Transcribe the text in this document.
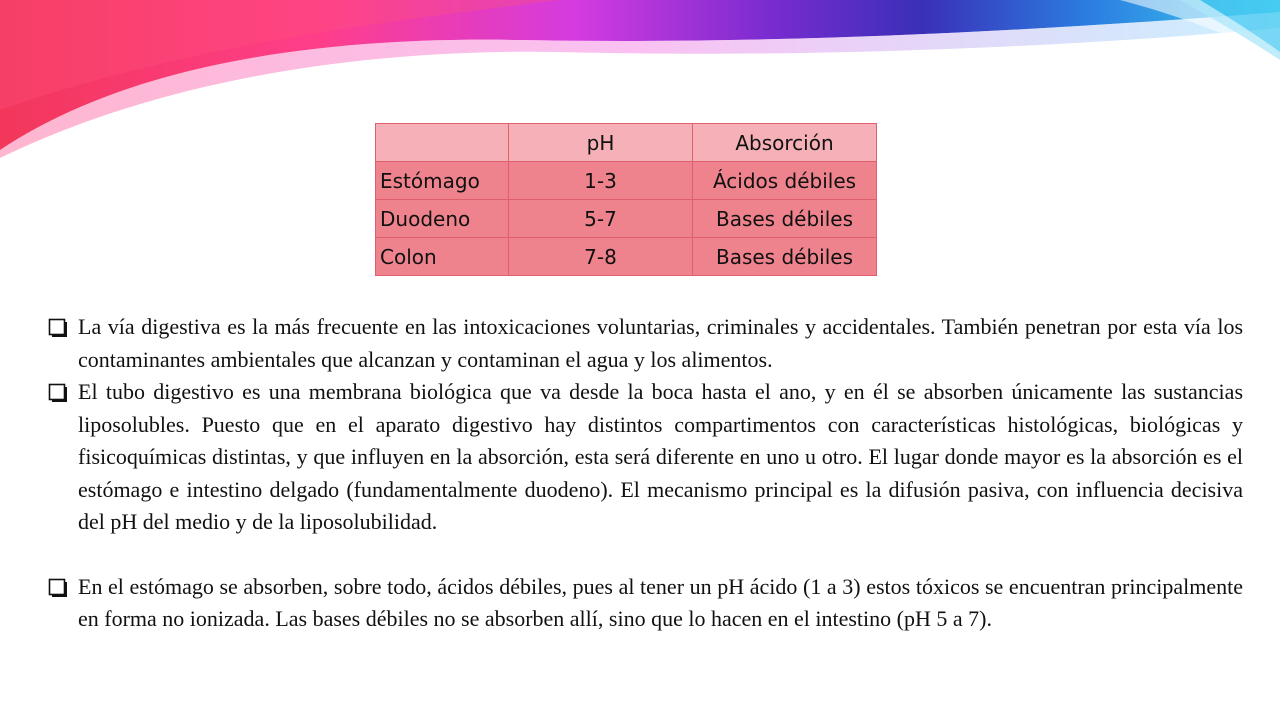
	pH	Absorción
Estómago	1-3	Ácidos débiles
Duodeno	5-7	Bases débiles
Colon	7-8	Bases débiles
La vía digestiva es la más frecuente en las intoxicaciones voluntarias, criminales y accidentales. También penetran por esta vía los contaminantes ambientales que alcanzan y contaminan el agua y los alimentos.
El tubo digestivo es una membrana biológica que va desde la boca hasta el ano, y en él se absorben únicamente las sustancias liposolubles. Puesto que en el aparato digestivo hay distintos compartimentos con características histológicas, biológicas y fisicoquímicas distintas, y que influyen en la absorción, esta será diferente en uno u otro. El lugar donde mayor es la absorción es el estómago e intestino delgado (fundamentalmente duodeno). El mecanismo principal es la difusión pasiva, con influencia decisiva del pH del medio y de la liposolubilidad.
En el estómago se absorben, sobre todo, ácidos débiles, pues al tener un pH ácido (1 a 3) estos tóxicos se encuentran principalmente en forma no ionizada. Las bases débiles no se absorben allí, sino que lo hacen en el intestino (pH 5 a 7).
